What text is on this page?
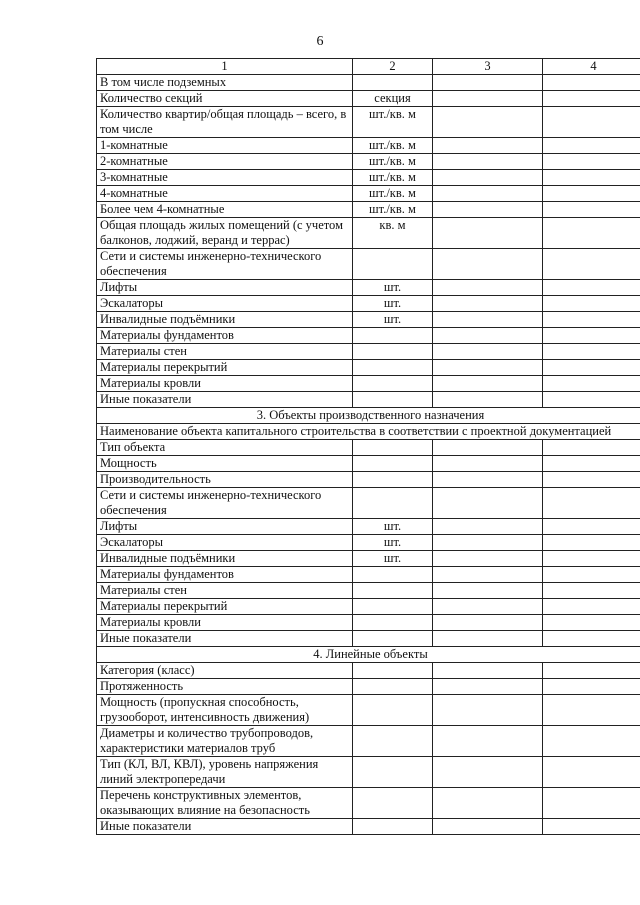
6
1	2	3	4
В том числе подземных			
Количество секций	секция		
Количество квартир/общая площадь – всего, в том числе	шт./кв. м		
1-комнатные	шт./кв. м		
2-комнатные	шт./кв. м		
3-комнатные	шт./кв. м		
4-комнатные	шт./кв. м		
Более чем 4-комнатные	шт./кв. м		
Общая площадь жилых помещений (с учетом балконов, лоджий, веранд и террас)	кв. м		
Сети и системы инженерно-технического обеспечения			
Лифты	шт.		
Эскалаторы	шт.		
Инвалидные подъёмники	шт.		
Материалы фундаментов			
Материалы стен			
Материалы перекрытий			
Материалы кровли			
Иные показатели			
3. Объекты производственного назначения			
Наименование объекта капитального строительства в соответствии с проектной документацией			
Тип объекта			
Мощность			
Производительность			
Сети и системы инженерно-технического обеспечения			
Лифты	шт.		
Эскалаторы	шт.		
Инвалидные подъёмники	шт.		
Материалы фундаментов			
Материалы стен			
Материалы перекрытий			
Материалы кровли			
Иные показатели			
4. Линейные объекты			
Категория (класс)			
Протяженность			
Мощность (пропускная способность, грузооборот, интенсивность движения)			
Диаметры и количество трубопроводов, характеристики материалов труб			
Тип (КЛ, ВЛ, КВЛ), уровень напряжения линий электропередачи			
Перечень конструктивных элементов, оказывающих влияние на безопасность			
Иные показатели			
